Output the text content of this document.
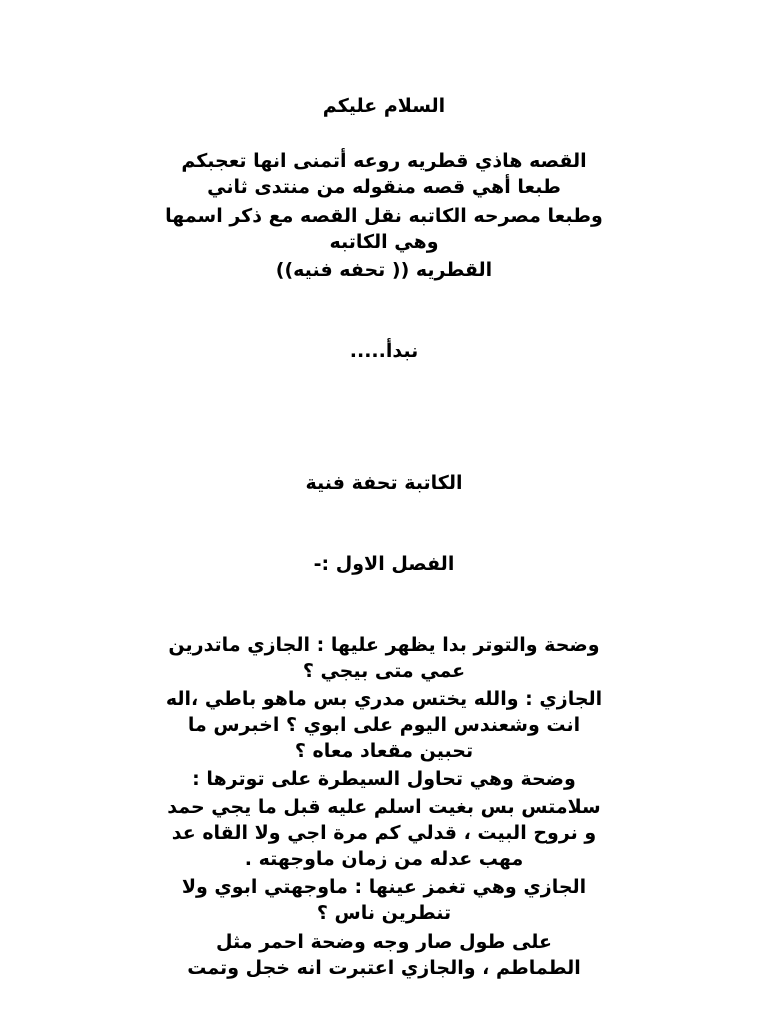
السلام عليكم
القصه هاذي قطريه روعه أتمنى انها تعجبكم
طبعا أهي قصه منقوله من منتدى ثاني
وطبعا مصرحه الكاتبه نقل القصه مع ذكر اسمها
وهي الكاتبه
القطريه (( تحفه فنيه))
نبدأ.....
الكاتبة تحفة فنية
الفصل الاول :-
وضحة والتوتر بدا يظهر عليها : الجازي ماتدرين
عمي متى بيجي ؟
الجازي : والله يختس مدري بس ماهو باطي ،اله
انت وشعندس اليوم على ابوي ؟ اخبرس ما
تحبين مقعاد معاه ؟
وضحة وهي تحاول السيطرة على توترها :
سلامتس بس بغيت اسلم عليه قبل ما يجي حمد
و نروح البيت ، قدلي كم مرة اجي ولا القاه عد
مهب عدله من زمان ماوجهته .
الجازي وهي تغمز عينها : ماوجهتي ابوي ولا
تنطرين ناس ؟
على طول صار وجه وضحة احمر مثل
الطماطم ، والجازي اعتبرت انه خجل وتمت
